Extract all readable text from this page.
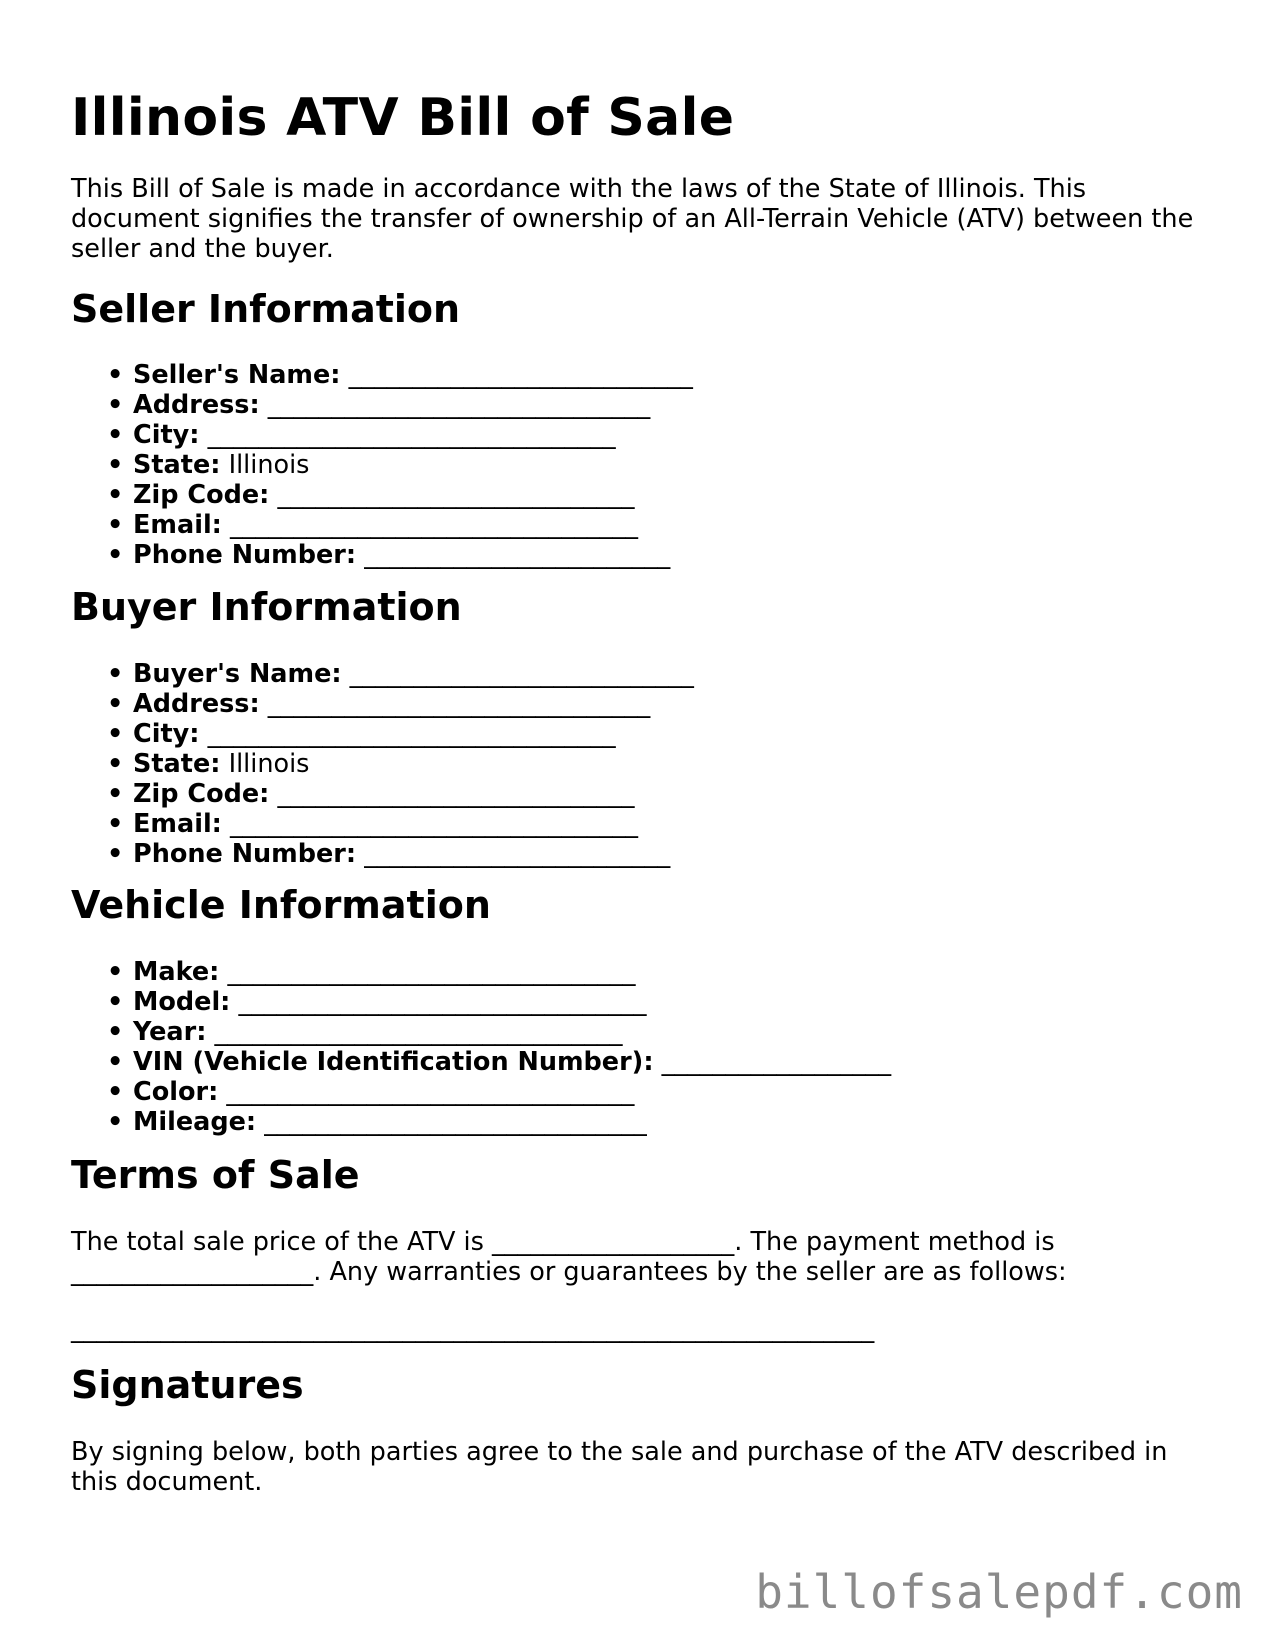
Illinois ATV Bill of Sale

This Bill of Sale is made in accordance with the laws of the State of Illinois. This document signifies the transfer of ownership of an All-Terrain Vehicle (ATV) between the seller and the buyer.

Seller Information
• Seller's Name: ___________________________
• Address: ______________________________
• City: ________________________________
• State: Illinois
• Zip Code: ____________________________
• Email: ________________________________
• Phone Number: ________________________
Buyer Information
• Buyer's Name: ___________________________
• Address: ______________________________
• City: ________________________________
• State: Illinois
• Zip Code: ____________________________
• Email: ________________________________
• Phone Number: ________________________
Vehicle Information
• Make: ________________________________
• Model: ________________________________
• Year: ________________________________
• VIN (Vehicle Identification Number): __________________
• Color: ________________________________
• Mileage: ______________________________
Terms of Sale

The total sale price of the ATV is ___________________. The payment method is ___________________. Any warranties or guarantees by the seller are as follows:

_______________________________________________________________

Signatures

By signing below, both parties agree to the sale and purchase of the ATV described in this document.

billofsalepdf.com
